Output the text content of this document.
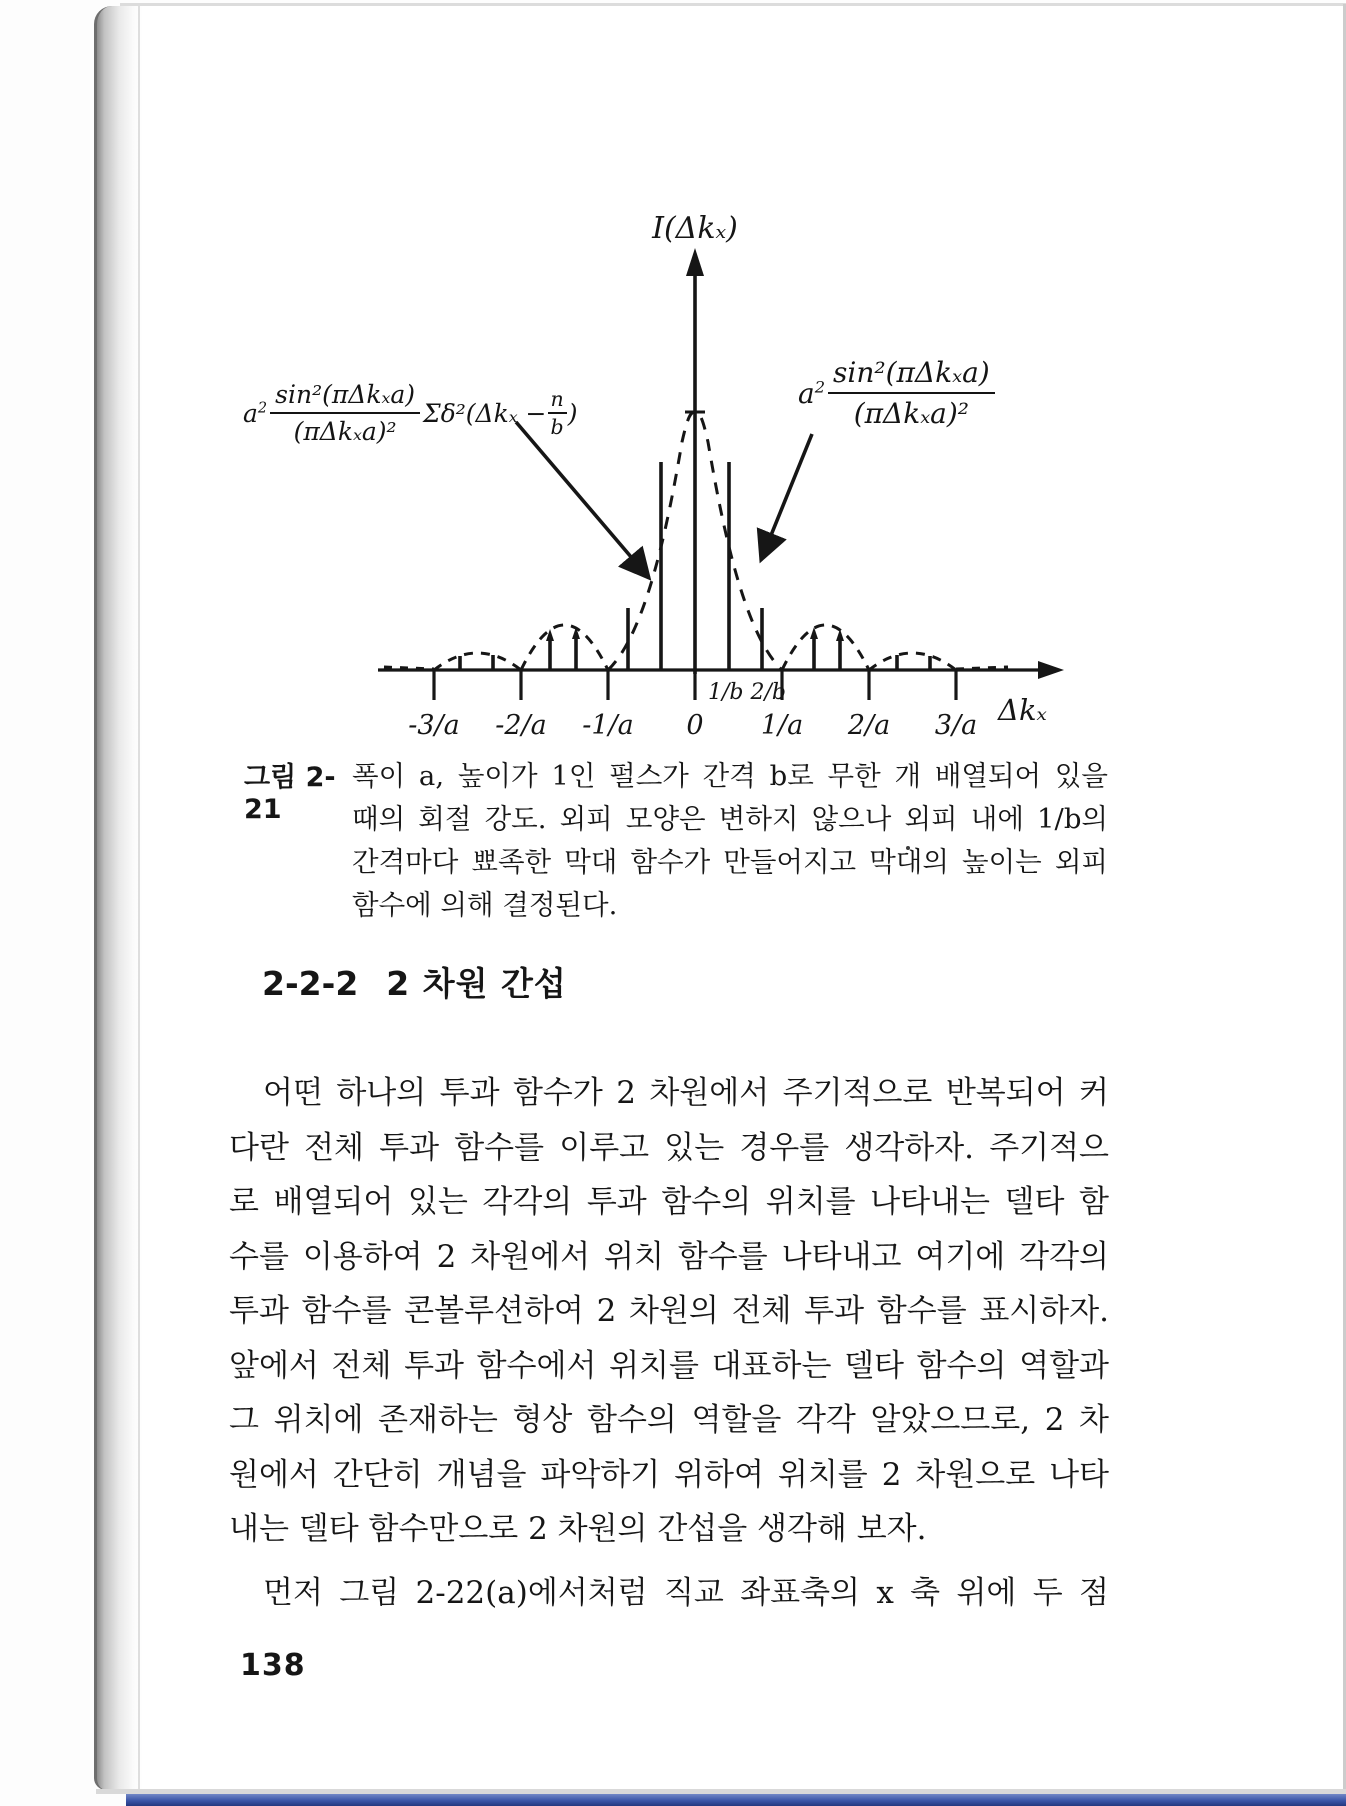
I(Δkₓ)
Δkₓ
1/b 2/b
-3/a -2/a -1/a 0 1/a 2/a 3/a
$a^2 \frac{\text{sin²(πΔkₓa)}}{\text{(πΔkₓa)²}} \Sigma\delta^2(\Delta k_x - \frac{n}{b}$ )
$a^2 \frac{\text{sin²(πΔkₓa)}}{\text{(πΔkₓa)²}}$
그림 2-21
폭이 a, 높이가 1인 펄스가 간격 b로 무한 개 배열되어 있을
때의 회절 강도. 외피 모양은 변하지 않으나 외피 내에 1/b의
간격마다 뾰족한 막대 함수가 만들어지고 막대의 높이는 외피
함수에 의해 결정된다.
2-2-2 2 차원 간섭
어떤 하나의 투과 함수가 2 차원에서 주기적으로 반복되어 커
다란 전체 투과 함수를 이루고 있는 경우를 생각하자. 주기적으
로 배열되어 있는 각각의 투과 함수의 위치를 나타내는 델타 함
수를 이용하여 2 차원에서 위치 함수를 나타내고 여기에 각각의
투과 함수를 콘볼루션하여 2 차원의 전체 투과 함수를 표시하자.
앞에서 전체 투과 함수에서 위치를 대표하는 델타 함수의 역할과
그 위치에 존재하는 형상 함수의 역할을 각각 알았으므로, 2 차
원에서 간단히 개념을 파악하기 위하여 위치를 2 차원으로 나타
내는 델타 함수만으로 2 차원의 간섭을 생각해 보자.
먼저 그림 2-22(a)에서처럼 직교 좌표축의 x 축 위에 두 점
138
